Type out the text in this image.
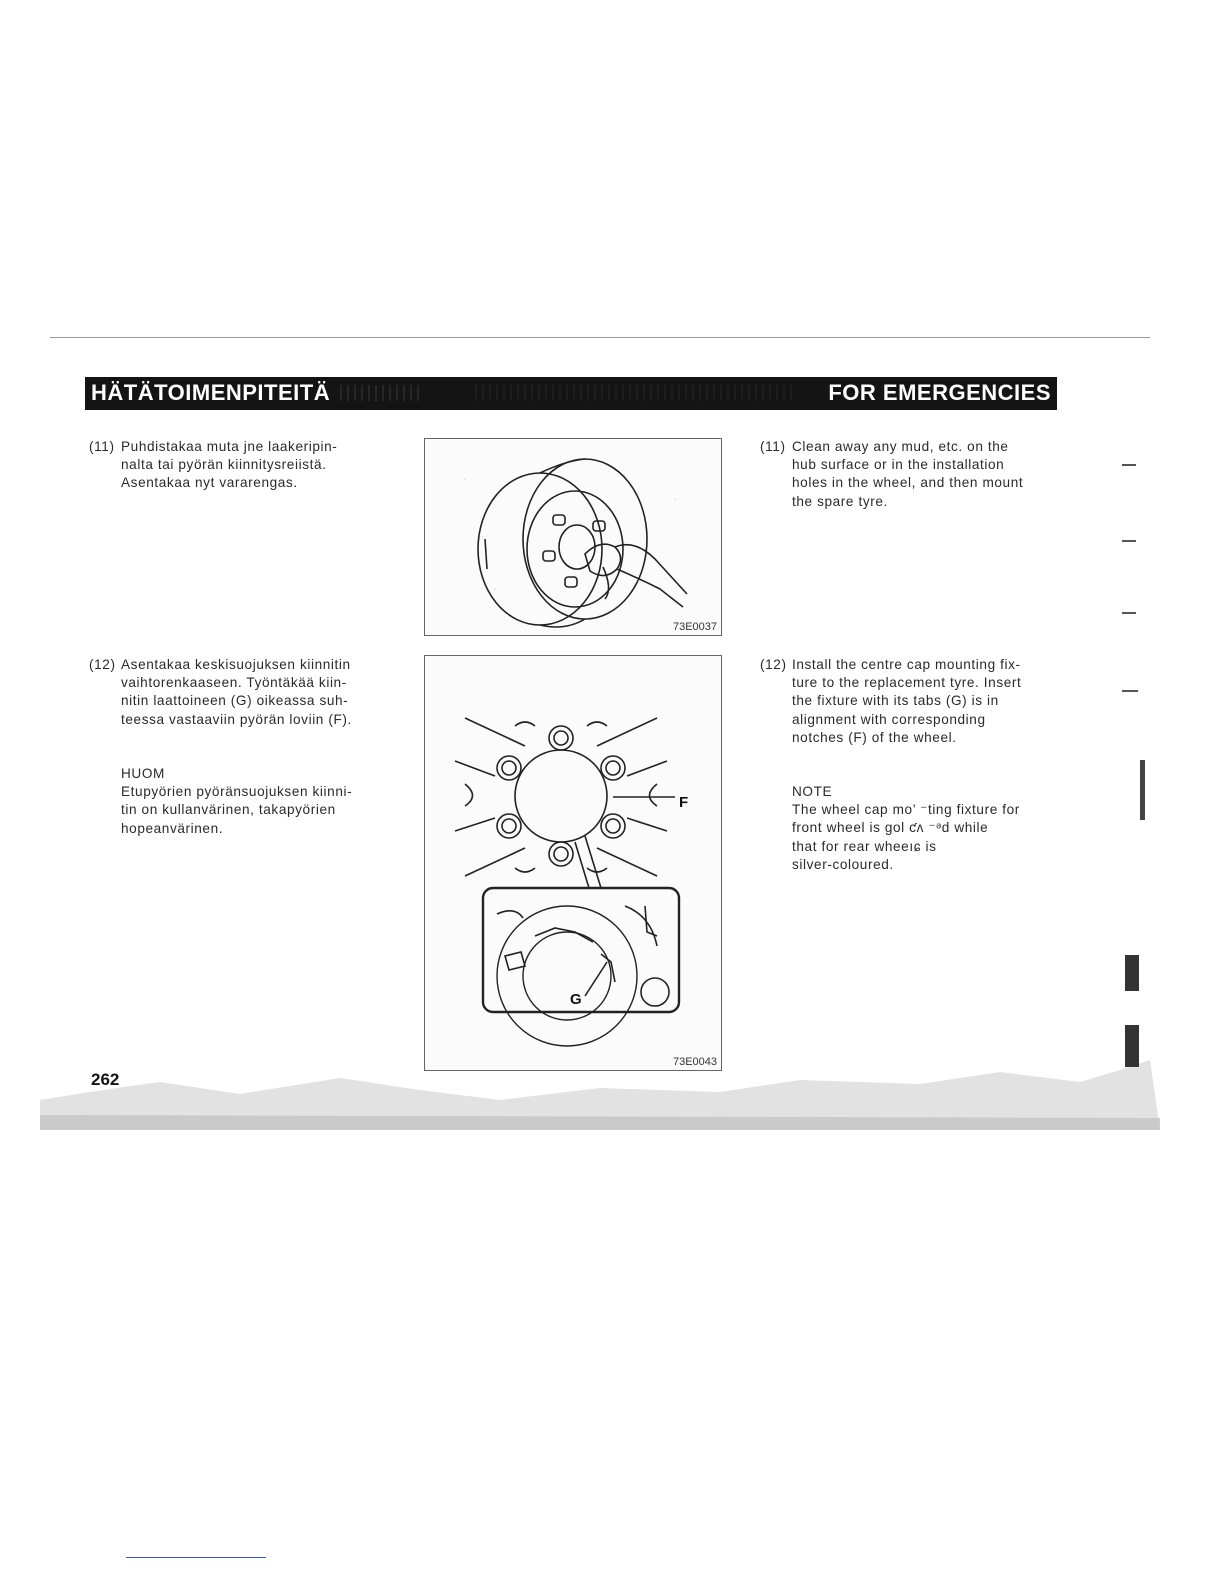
HÄTÄTOIMENPITEITÄ	FOR EMERGENCIES

(11) Puhdistakaa muta jne laakeripin-
nalta tai pyörän kiinnitysreiistä.
Asentakaa nyt vararengas.

(12) Asentakaa keskisuojuksen kiinnitin
vaihtorenkaaseen. Työntäkää kiin-
nitin laattoineen (G) oikeassa suh-
teessa vastaaviin pyörän loviin (F).

HUOM
Etupyörien pyöränsuojuksen kiinni-
tin on kullanvärinen, takapyörien
hopeanvärinen.

73E0037
F
G
73E0043

(11) Clean away any mud, etc. on the
hub surface or in the installation
holes in the wheel, and then mount
the spare tyre.

(12) Install the centre cap mounting fix-
ture to the replacement tyre. Insert
the fixture with its tabs (G) is in
alignment with corresponding
notches (F) of the wheel.

NOTE
The wheel cap mo’ ⁻ting fixture for
front wheel is gol ƈʌ ⁻ᵊd while
that for rear wheеıɕ is
silver-coloured.

262
